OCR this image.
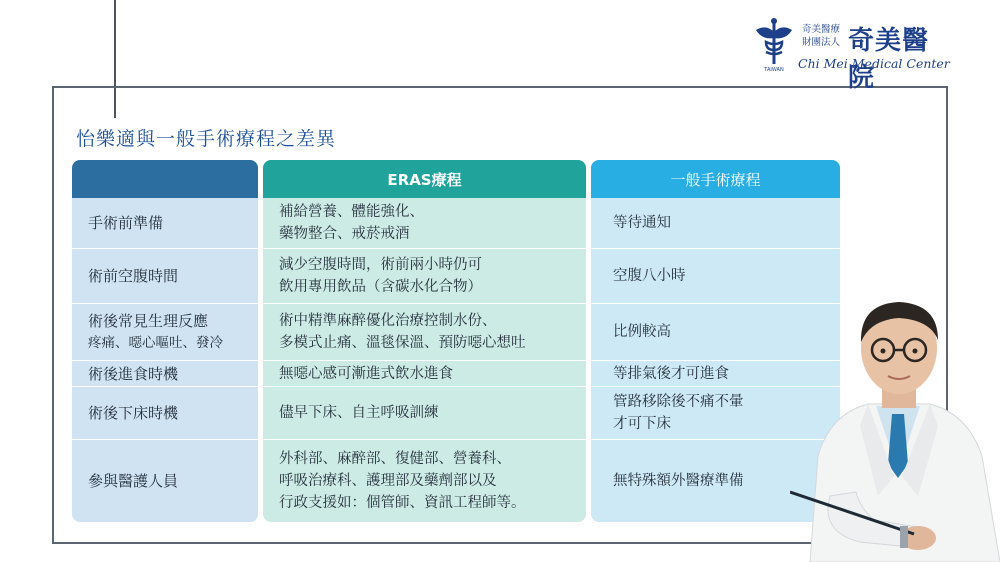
TAIWAN
奇美醫療
財團法人 奇美醫院
Chi Mei Medical Center
怡樂適與一般手術療程之差異
手術前準備
術前空腹時間
術後常見生理反應
疼痛、噁心嘔吐、發冷
術後進食時機
術後下床時機
參與醫護人員
ERAS療程
補給營養、體能強化、
藥物整合、戒菸戒酒
減少空腹時間，術前兩小時仍可
飲用專用飲品（含碳水化合物）
術中精準麻醉優化治療控制水份、
多模式止痛、溫毯保溫、預防噁心想吐
無噁心感可漸進式飲水進食
儘早下床、自主呼吸訓練
外科部、麻醉部、復健部、營養科、
呼吸治療科、護理部及藥劑部以及
行政支援如：個管師、資訊工程師等。
一般手術療程
等待通知
空腹八小時
比例較高
等排氣後才可進食
管路移除後不痛不暈
才可下床
無特殊額外醫療準備
